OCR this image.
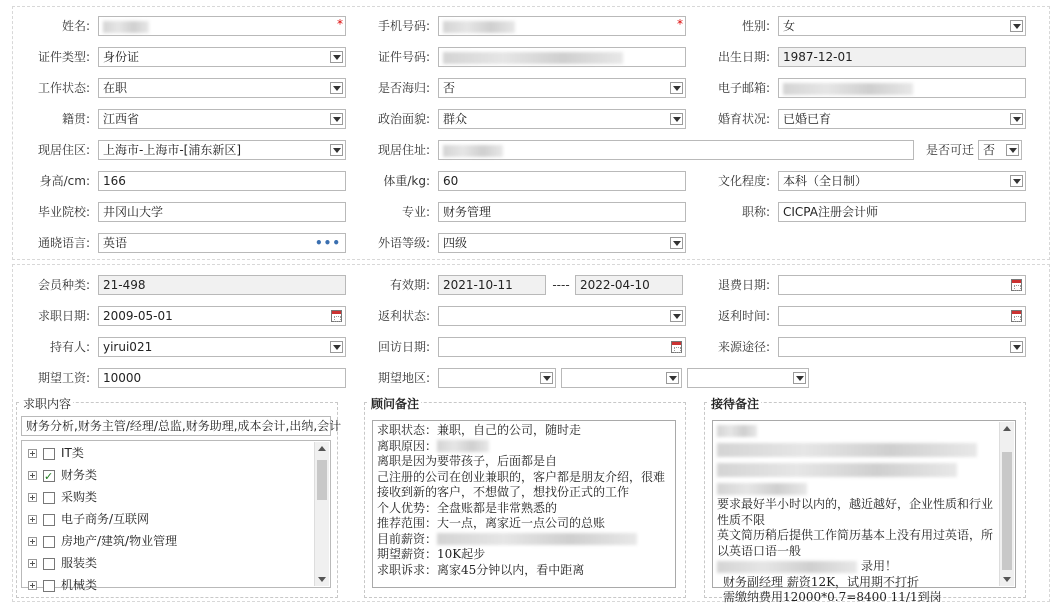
姓名:	*	手机号码:	*	性别:	女
证件类型:	身份证	证件号码:	出生日期:	1987-12-01
工作状态:	在职	是否海归:	否	电子邮箱:
籍贯:	江西省	政治面貌:	群众	婚育状况:	已婚已育
现居住区:	上海市-上海市-[浦东新区]	现居住址:	是否可迁 否
身高/cm:	166	体重/kg:	60	文化程度:	本科（全日制）
毕业院校:	井冈山大学	专业:	财务管理	职称:	CICPA注册会计师
通晓语言:	英语	•••	外语等级:	四级
会员种类:	21-498	有效期:	2021-10-11	---- 2022-04-10	退费日期:
求职日期:	2009-05-01	返利状态:	返利时间:
持有人:	yirui021	回访日期:	来源途径:
期望工资:	10000	期望地区:
求职内容
财务分析,财务主管/经理/总监,财务助理,成本会计,出纳,会计
IT类
✓财务类
采购类
电子商务/互联网
房地产/建筑/物业管理
服装类
机械类
顾问备注
求职状态：兼职，自己的公司，随时走
离职原因：
离职是因为要带孩子，后面都是自
己注册的公司在创业兼职的，客户都是朋友介绍，很难
接收到新的客户，不想做了，想找份正式的工作
个人优势：全盘账都是非常熟悉的
推荐范围：大一点，离家近一点公司的总账
目前薪资：
期望薪资：10K起步
求职诉求：离家45分钟以内，看中距离
接待备注
要求最好半小时以内的，越近越好，企业性质和行业
性质不限
英文简历稍后提供工作简历基本上没有用过英语，所
以英语口语一般
录用！
财务副经理 薪资12K，试用期不打折
需缴纳费用12000*0.7=8400 11/1到岗
